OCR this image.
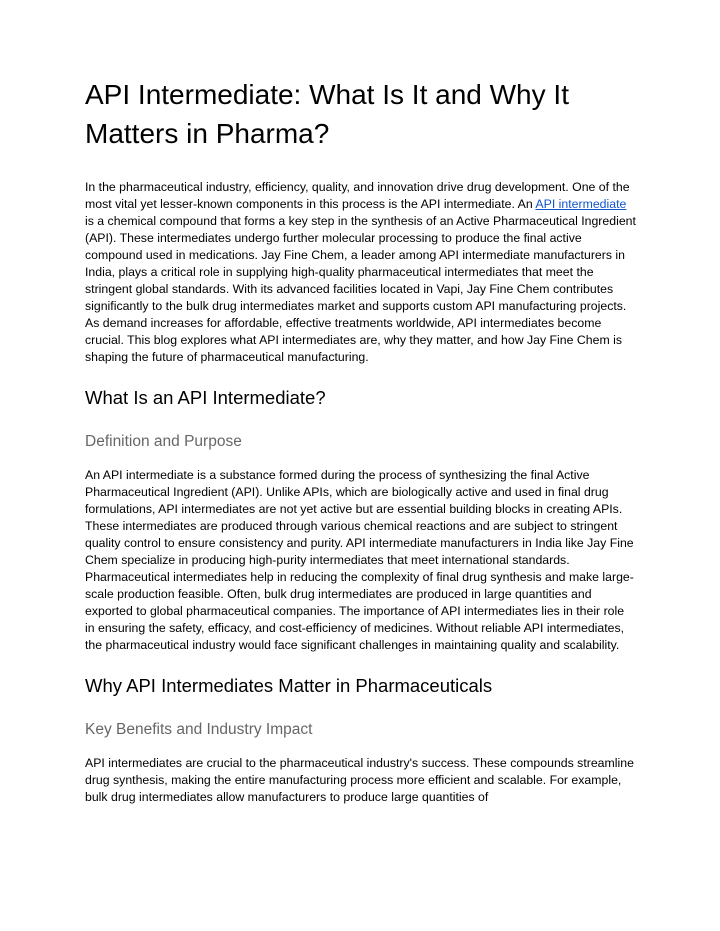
API Intermediate: What Is It and Why It Matters in Pharma?

In the pharmaceutical industry, efficiency, quality, and innovation drive drug development. One of the most vital yet lesser-known components in this process is the API intermediate. An API intermediate is a chemical compound that forms a key step in the synthesis of an Active Pharmaceutical Ingredient (API). These intermediates undergo further molecular processing to produce the final active compound used in medications. Jay Fine Chem, a leader among API intermediate manufacturers in India, plays a critical role in supplying high-quality pharmaceutical intermediates that meet the stringent global standards. With its advanced facilities located in Vapi, Jay Fine Chem contributes significantly to the bulk drug intermediates market and supports custom API manufacturing projects. As demand increases for affordable, effective treatments worldwide, API intermediates become crucial. This blog explores what API intermediates are, why they matter, and how Jay Fine Chem is shaping the future of pharmaceutical manufacturing.

What Is an API Intermediate?
Definition and Purpose

An API intermediate is a substance formed during the process of synthesizing the final Active Pharmaceutical Ingredient (API). Unlike APIs, which are biologically active and used in final drug formulations, API intermediates are not yet active but are essential building blocks in creating APIs. These intermediates are produced through various chemical reactions and are subject to stringent quality control to ensure consistency and purity. API intermediate manufacturers in India like Jay Fine Chem specialize in producing high-purity intermediates that meet international standards. Pharmaceutical intermediates help in reducing the complexity of final drug synthesis and make large-scale production feasible. Often, bulk drug intermediates are produced in large quantities and exported to global pharmaceutical companies. The importance of API intermediates lies in their role in ensuring the safety, efficacy, and cost-efficiency of medicines. Without reliable API intermediates, the pharmaceutical industry would face significant challenges in maintaining quality and scalability.

Why API Intermediates Matter in Pharmaceuticals
Key Benefits and Industry Impact

API intermediates are crucial to the pharmaceutical industry's success. These compounds streamline drug synthesis, making the entire manufacturing process more efficient and scalable. For example, bulk drug intermediates allow manufacturers to produce large quantities of
